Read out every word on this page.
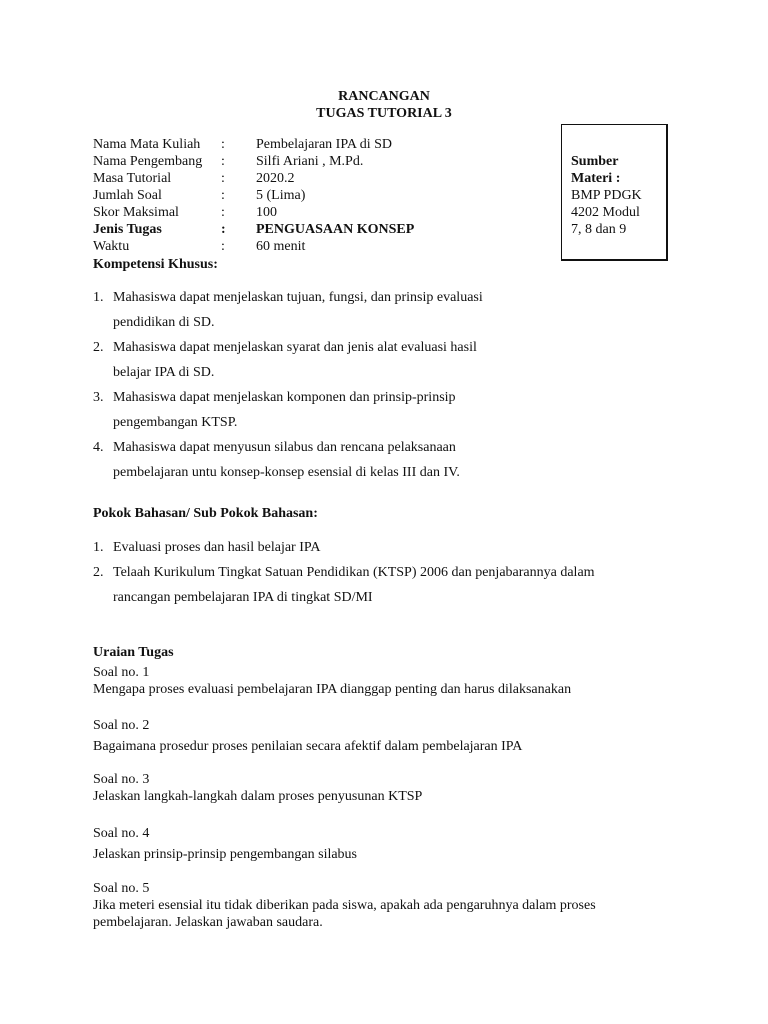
RANCANGAN
TUGAS TUTORIAL 3
Nama Mata Kuliah : Pembelajaran IPA di SD
Nama Pengembang : Silfi Ariani , M.Pd.
Masa Tutorial	: 2020.2
Jumlah Soal	: 5 (Lima)
Skor Maksimal	: 100
Jenis Tugas	: PENGUASAAN KONSEP
Waktu	: 60 menit
Sumber
Materi :
BMP PDGK
4202 Modul
7, 8 dan 9
Kompetensi Khusus:
1. Mahasiswa dapat menjelaskan tujuan, fungsi, dan prinsip evaluasi
pendidikan di SD.
2. Mahasiswa dapat menjelaskan syarat dan jenis alat evaluasi hasil
belajar IPA di SD.
3. Mahasiswa dapat menjelaskan komponen dan prinsip-prinsip
pengembangan KTSP.
4. Mahasiswa dapat menyusun silabus dan rencana pelaksanaan
pembelajaran untu konsep-konsep esensial di kelas III dan IV.
Pokok Bahasan/ Sub Pokok Bahasan:
1. Evaluasi proses dan hasil belajar IPA
2. Telaah Kurikulum Tingkat Satuan Pendidikan (KTSP) 2006 dan penjabarannya dalam
rancangan pembelajaran IPA di tingkat SD/MI
Uraian Tugas
Soal no. 1
Mengapa proses evaluasi pembelajaran IPA dianggap penting dan harus dilaksanakan
Soal no. 2
Bagaimana prosedur proses penilaian secara afektif dalam pembelajaran IPA
Soal no. 3
Jelaskan langkah-langkah dalam proses penyusunan KTSP
Soal no. 4
Jelaskan prinsip-prinsip pengembangan silabus
Soal no. 5
Jika meteri esensial itu tidak diberikan pada siswa, apakah ada pengaruhnya dalam proses
pembelajaran. Jelaskan jawaban saudara.
